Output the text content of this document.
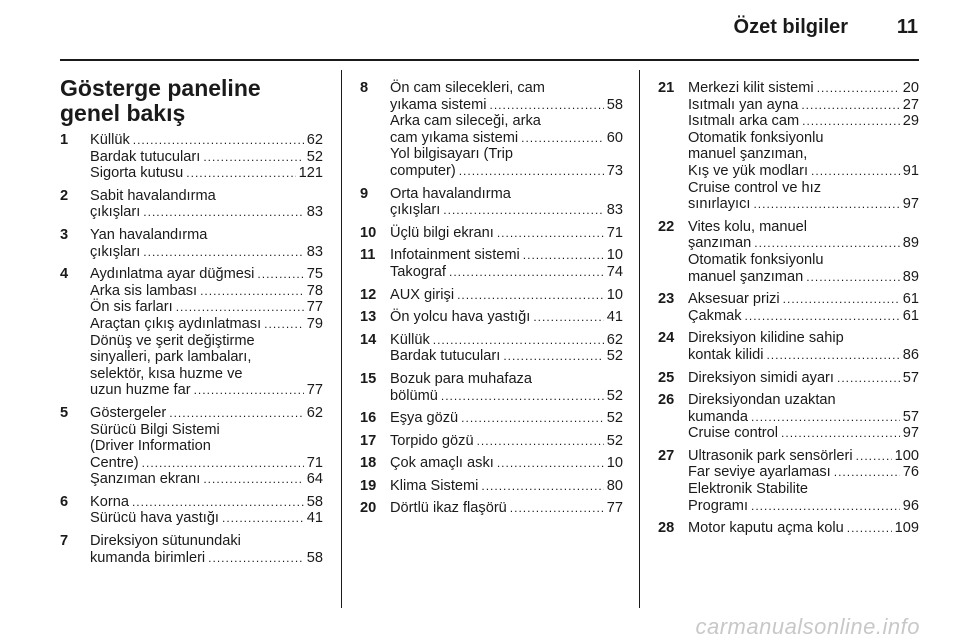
Özet bilgiler 11
Gösterge paneline genel bakış
1 Küllük .....	62
Bardak tutucuları .....	52
Sigorta kutusu .....	121
2 Sabit havalandırma
çıkışları .....	83
3 Yan havalandırma
çıkışları .....	83
4 Aydınlatma ayar düğmesi .....	75
Arka sis lambası .....	78
Ön sis farları .....	77
Araçtan çıkış aydınlatması .....	79
Dönüş ve şerit değiştirme
sinyalleri, park lambaları,
selektör, kısa huzme ve
uzun huzme far .....	77
5 Göstergeler .....	62
Sürücü Bilgi Sistemi
(Driver Information
Centre) .....	71
Şanzıman ekranı .....	64
6 Korna .....	58
Sürücü hava yastığı .....	41
7 Direksiyon sütunundaki
kumanda birimleri .....	58
8 Ön cam silecekleri, cam
yıkama sistemi .....	58
Arka cam sileceği, arka
cam yıkama sistemi .....	60
Yol bilgisayarı (Trip
computer) .....	73
9 Orta havalandırma
çıkışları .....	83
10 Üçlü bilgi ekranı .....	71
11 Infotainment sistemi .....	10
Takograf .....	74
12 AUX girişi .....	10
13 Ön yolcu hava yastığı .....	41
14 Küllük .....	62
Bardak tutucuları .....	52
15 Bozuk para muhafaza
bölümü .....	52
16 Eşya gözü .....	52
17 Torpido gözü .....	52
18 Çok amaçlı askı .....	10
19 Klima Sistemi .....	80
20 Dörtlü ikaz flaşörü .....	77
21 Merkezi kilit sistemi .....	20
Isıtmalı yan ayna .....	27
Isıtmalı arka cam .....	29
Otomatik fonksiyonlu
manuel şanzıman,
Kış ve yük modları .....	91
Cruise control ve hız
sınırlayıcı .....	97
22 Vites kolu, manuel
şanzıman .....	89
Otomatik fonksiyonlu
manuel şanzıman .....	89
23 Aksesuar prizi .....	61
Çakmak .....	61
24 Direksiyon kilidine sahip
kontak kilidi .....	86
25 Direksiyon simidi ayarı .....	57
26 Direksiyondan uzaktan
kumanda .....	57
Cruise control .....	97
27 Ultrasonik park sensörleri .....	100
Far seviye ayarlaması .....	76
Elektronik Stabilite
Programı .....	96
28 Motor kaputu açma kolu .....	109
carmanualsonline.info
